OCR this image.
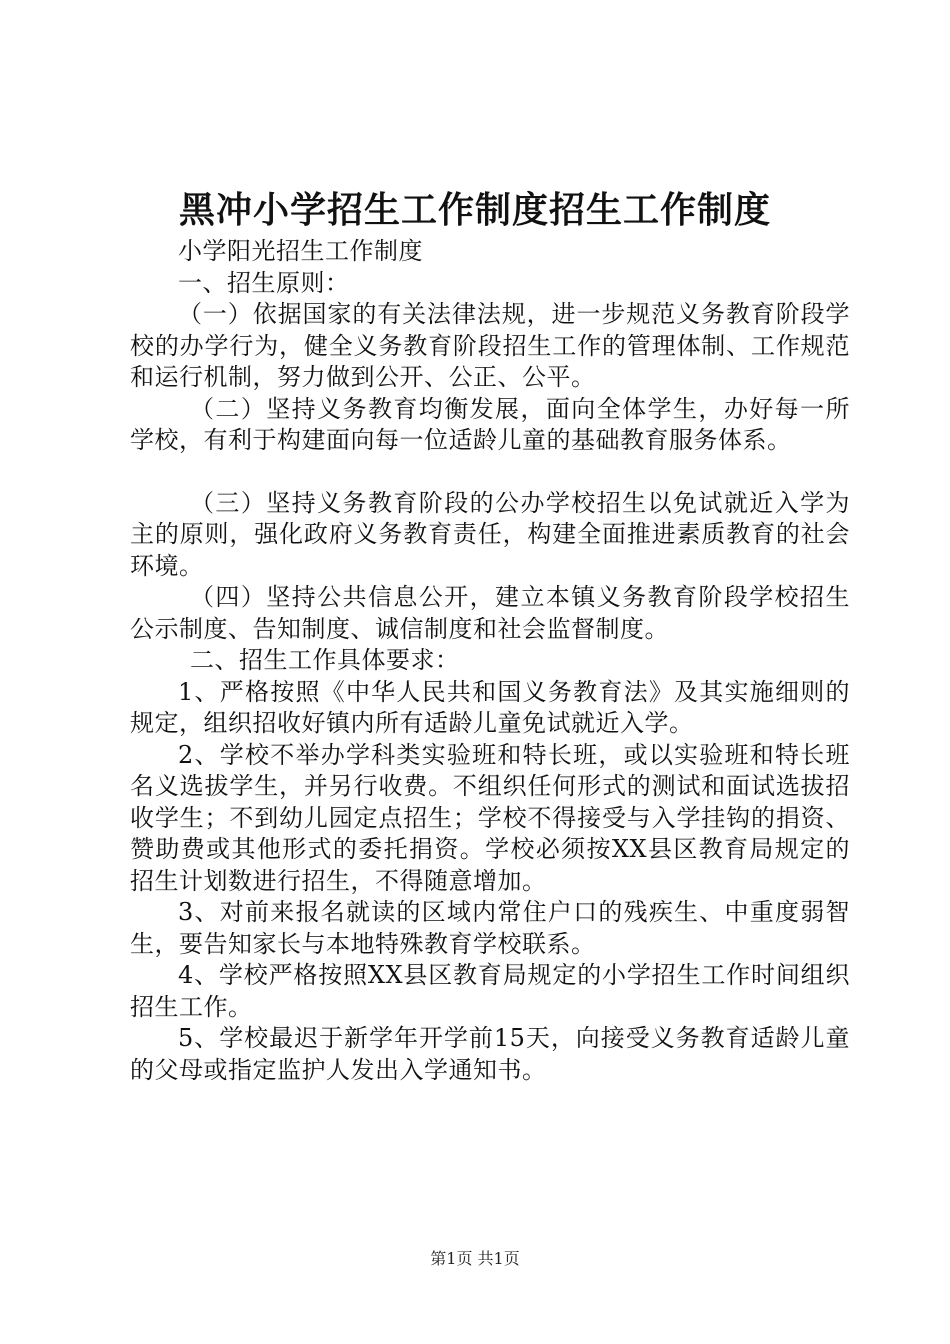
黑冲小学招生工作制度招生工作制度

小学阳光招生工作制度

一、招生原则：

（一）依据国家的有关法律法规，进一步规范义务教育阶段学校的办学行为，健全义务教育阶段招生工作的管理体制、工作规范和运行机制，努力做到公开、公正、公平。

（二）坚持义务教育均衡发展，面向全体学生，办好每一所学校，有利于构建面向每一位适龄儿童的基础教育服务体系。

（三）坚持义务教育阶段的公办学校招生以免试就近入学为主的原则，强化政府义务教育责任，构建全面推进素质教育的社会环境。

（四）坚持公共信息公开，建立本镇义务教育阶段学校招生公示制度、告知制度、诚信制度和社会监督制度。

二、招生工作具体要求：

1、严格按照《中华人民共和国义务教育法》及其实施细则的规定，组织招收好镇内所有适龄儿童免试就近入学。

2、学校不举办学科类实验班和特长班，或以实验班和特长班名义选拔学生，并另行收费。不组织任何形式的测试和面试选拔招收学生；不到幼儿园定点招生；学校不得接受与入学挂钩的捐资、赞助费或其他形式的委托捐资。学校必须按XX县区教育局规定的招生计划数进行招生，不得随意增加。

3、对前来报名就读的区域内常住户口的残疾生、中重度弱智生，要告知家长与本地特殊教育学校联系。

4、学校严格按照XX县区教育局规定的小学招生工作时间组织招生工作。

5、学校最迟于新学年开学前15天，向接受义务教育适龄儿童的父母或指定监护人发出入学通知书。

第1页 共1页
